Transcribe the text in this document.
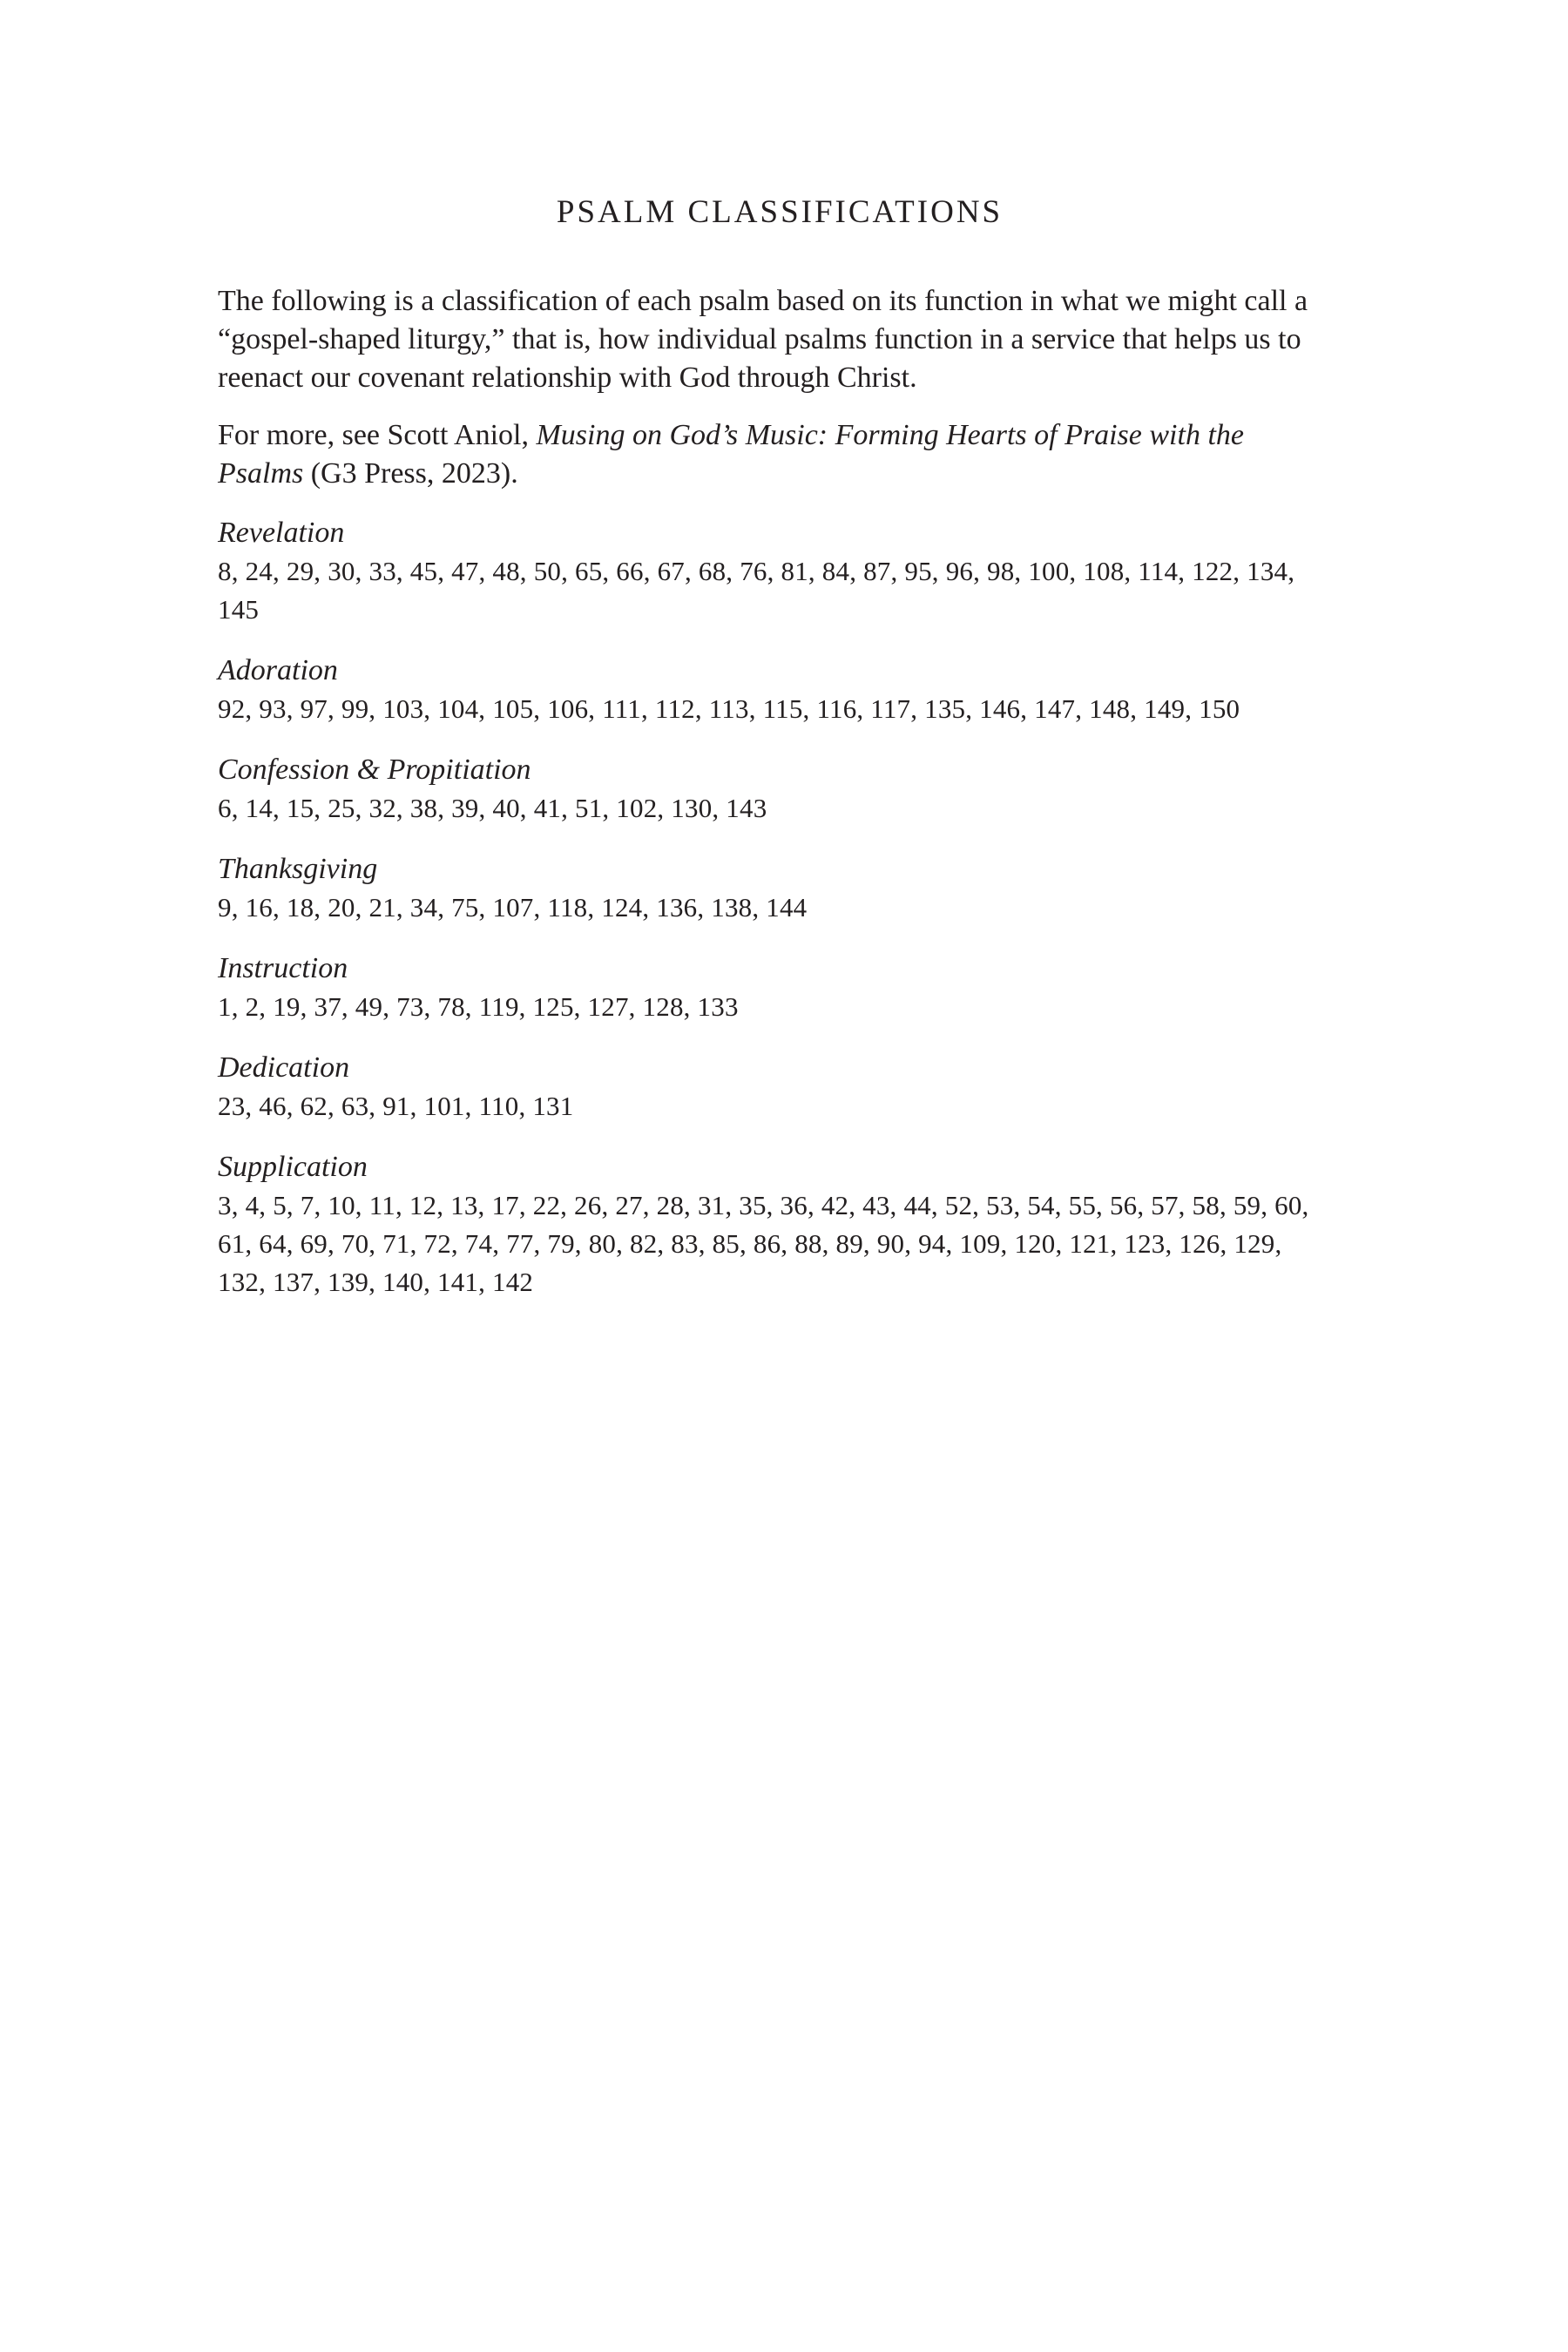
PSALM CLASSIFICATIONS

The following is a classification of each psalm based on its function in what we might call a “gospel-shaped liturgy,” that is, how individual psalms function in a service that helps us to reenact our covenant relationship with God through Christ.

For more, see Scott Aniol, Musing on God’s Music: Forming Hearts of Praise with the Psalms (G3 Press, 2023).

Revelation

8, 24, 29, 30, 33, 45, 47, 48, 50, 65, 66, 67, 68, 76, 81, 84, 87, 95, 96, 98, 100, 108, 114, 122, 134, 145

Adoration

92, 93, 97, 99, 103, 104, 105, 106, 111, 112, 113, 115, 116, 117, 135, 146, 147, 148, 149, 150

Confession & Propitiation

6, 14, 15, 25, 32, 38, 39, 40, 41, 51, 102, 130, 143

Thanksgiving

9, 16, 18, 20, 21, 34, 75, 107, 118, 124, 136, 138, 144

Instruction

1, 2, 19, 37, 49, 73, 78, 119, 125, 127, 128, 133

Dedication

23, 46, 62, 63, 91, 101, 110, 131

Supplication

3, 4, 5, 7, 10, 11, 12, 13, 17, 22, 26, 27, 28, 31, 35, 36, 42, 43, 44, 52, 53, 54, 55, 56, 57, 58, 59, 60, 61, 64, 69, 70, 71, 72, 74, 77, 79, 80, 82, 83, 85, 86, 88, 89, 90, 94, 109, 120, 121, 123, 126, 129, 132, 137, 139, 140, 141, 142
